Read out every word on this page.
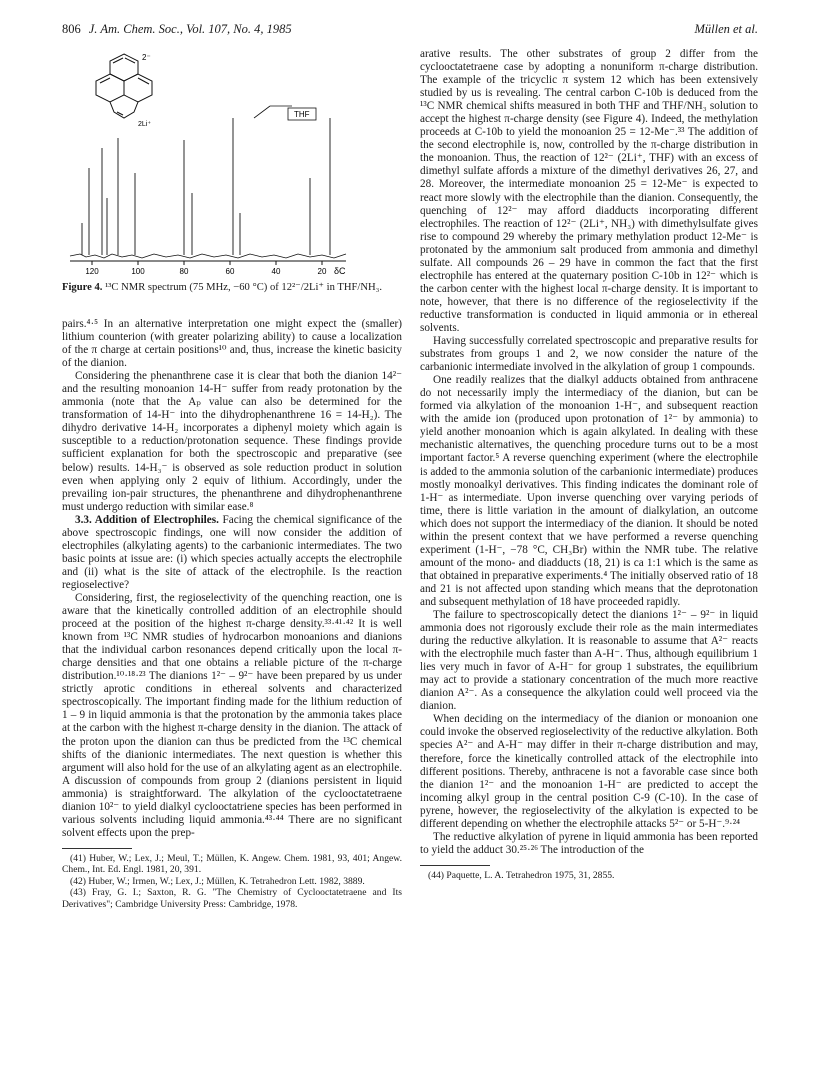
806 J. Am. Chem. Soc., Vol. 107, No. 4, 1985	Müllen et al.
2⁻
2Li⁺
THF
120	100	80	60	40	20 δC
Figure 4. ¹³C NMR spectrum (75 MHz, −60 °C) of 12²⁻/2Li⁺ in THF/NH₃.

pairs.⁴·⁵ In an alternative interpretation one might expect the (smaller) lithium counterion (with greater polarizing ability) to cause a localization of the π charge at certain positions¹⁰ and, thus, increase the kinetic basicity of the dianion.

Considering the phenanthrene case it is clear that both the dianion 14²⁻ and the resulting monoanion 14-H⁻ suffer from ready protonation by the ammonia (note that the Aₚ value can also be determined for the transformation of 14-H⁻ into the dihydrophenanthrene 16 = 14-H₂). The dihydro derivative 14-H₂ incorporates a diphenyl moiety which again is susceptible to a reduction/protonation sequence. These findings provide sufficient explanation for both the spectroscopic and preparative (see below) results. 14-H₃⁻ is observed as sole reduction product in solution even when applying only 2 equiv of lithium. Accordingly, under the prevailing ion-pair structures, the phenanthrene and dihydrophenanthrene must undergo reduction with similar ease.⁸

3.3. Addition of Electrophiles. Facing the chemical significance of the above spectroscopic findings, one will now consider the addition of electrophiles (alkylating agents) to the carbanionic intermediates. The two basic points at issue are: (i) which species actually accepts the electrophile and (ii) what is the site of attack of the electrophile. Is the reaction regioselective?

Considering, first, the regioselectivity of the quenching reaction, one is aware that the kinetically controlled addition of an electrophile should proceed at the position of the highest π-charge density.³³·⁴¹·⁴² It is well known from ¹³C NMR studies of hydrocarbon monoanions and dianions that the individual carbon resonances depend critically upon the local π-charge densities and that one obtains a reliable picture of the π-charge distribution.¹⁰·¹⁸·²³ The dianions 1²⁻ – 9²⁻ have been prepared by us under strictly aprotic conditions in ethereal solvents and characterized spectroscopically. The important finding made for the lithium reduction of 1 – 9 in liquid ammonia is that the protonation by the ammonia takes place at the carbon with the highest π-charge density in the dianion. The attack of the proton upon the dianion can thus be predicted from the ¹³C chemical shifts of the dianionic intermediates. The next question is whether this argument will also hold for the use of an alkylating agent as an electrophile. A discussion of compounds from group 2 (dianions persistent in liquid ammonia) is straightforward. The alkylation of the cyclooctatetraene dianion 10²⁻ to yield dialkyl cyclooctatriene species has been performed in various solvents including liquid ammonia.⁴³·⁴⁴ There are no significant solvent effects upon the prep-

(41) Huber, W.; Lex, J.; Meul, T.; Müllen, K. Angew. Chem. 1981, 93, 401; Angew. Chem., Int. Ed. Engl. 1981, 20, 391.

(42) Huber, W.; Irmen, W.; Lex, J.; Müllen, K. Tetrahedron Lett. 1982, 3889.

(43) Fray, G. I.; Saxton, R. G. "The Chemistry of Cyclooctatetraene and Its Derivatives"; Cambridge University Press: Cambridge, 1978.

arative results. The other substrates of group 2 differ from the cyclooctatetraene case by adopting a nonuniform π-charge distribution. The example of the tricyclic π system 12 which has been extensively studied by us is revealing. The central carbon C-10b is deduced from the ¹³C NMR chemical shifts measured in both THF and THF/NH₃ solution to accept the highest π-charge density (see Figure 4). Indeed, the methylation proceeds at C-10b to yield the monoanion 25 = 12-Me⁻.³³ The addition of the second electrophile is, now, controlled by the π-charge distribution in the monoanion. Thus, the reaction of 12²⁻ (2Li⁺, THF) with an excess of dimethyl sulfate affords a mixture of the dimethyl derivatives 26, 27, and 28. Moreover, the intermediate monoanion 25 = 12-Me⁻ is expected to react more slowly with the electrophile than the dianion. Consequently, the quenching of 12²⁻ may afford diadducts incorporating different electrophiles. The reaction of 12²⁻ (2Li⁺, NH₃) with dimethylsulfate gives rise to compound 29 whereby the primary methylation product 12-Me⁻ is protonated by the ammonium salt produced from ammonia and dimethyl sulfate. All compounds 26 – 29 have in common the fact that the first electrophile has entered at the quaternary position C-10b in 12²⁻ which is the carbon center with the highest local π-charge density. It is important to note, however, that there is no difference of the regioselectivity if the reductive transformation is conducted in liquid ammonia or in ethereal solvents.

Having successfully correlated spectroscopic and preparative results for substrates from groups 1 and 2, we now consider the nature of the carbanionic intermediate involved in the alkylation of group 1 compounds.

One readily realizes that the dialkyl adducts obtained from anthracene do not necessarily imply the intermediacy of the dianion, but can be formed via alkylation of the monoanion 1-H⁻, and subsequent reaction with the amide ion (produced upon protonation of 1²⁻ by ammonia) to yield another monoanion which is again alkylated. In dealing with these mechanistic alternatives, the quenching procedure turns out to be a most important factor.⁵ A reverse quenching experiment (where the electrophile is added to the ammonia solution of the carbanionic intermediate) produces mostly monoalkyl derivatives. This finding indicates the dominant role of 1-H⁻ as intermediate. Upon inverse quenching over varying periods of time, there is little variation in the amount of dialkylation, an outcome which does not support the intermediacy of the dianion. It should be noted within the present context that we have performed a reverse quenching experiment (1-H⁻, −78 °C, CH₃Br) within the NMR tube. The relative amount of the mono- and diadducts (18, 21) is ca 1:1 which is the same as that obtained in preparative experiments.⁴ The initially observed ratio of 18 and 21 is not affected upon standing which means that the deprotonation and subsequent methylation of 18 have proceeded rapidly.

The failure to spectroscopically detect the dianions 1²⁻ – 9²⁻ in liquid ammonia does not rigorously exclude their role as the main intermediates during the reductive alkylation. It is reasonable to assume that A²⁻ reacts with the electrophile much faster than A-H⁻. Thus, although equilibrium 1 lies very much in favor of A-H⁻ for group 1 substrates, the equilibrium may act to provide a stationary concentration of the much more reactive dianion A²⁻. As a consequence the alkylation could well proceed via the dianion.

When deciding on the intermediacy of the dianion or monoanion one could invoke the observed regioselectivity of the reductive alkylation. Both species A²⁻ and A-H⁻ may differ in their π-charge distribution and may, therefore, force the kinetically controlled attack of the electrophile into different positions. Thereby, anthracene is not a favorable case since both the dianion 1²⁻ and the monoanion 1-H⁻ are predicted to accept the incoming alkyl group in the central position C-9 (C-10). In the case of pyrene, however, the regioselectivity of the alkylation is expected to be different depending on whether the electrophile attacks 5²⁻ or 5-H⁻.⁹·²⁴

The reductive alkylation of pyrene in liquid ammonia has been reported to yield the adduct 30.²⁵·²⁶ The introduction of the

(44) Paquette, L. A. Tetrahedron 1975, 31, 2855.
